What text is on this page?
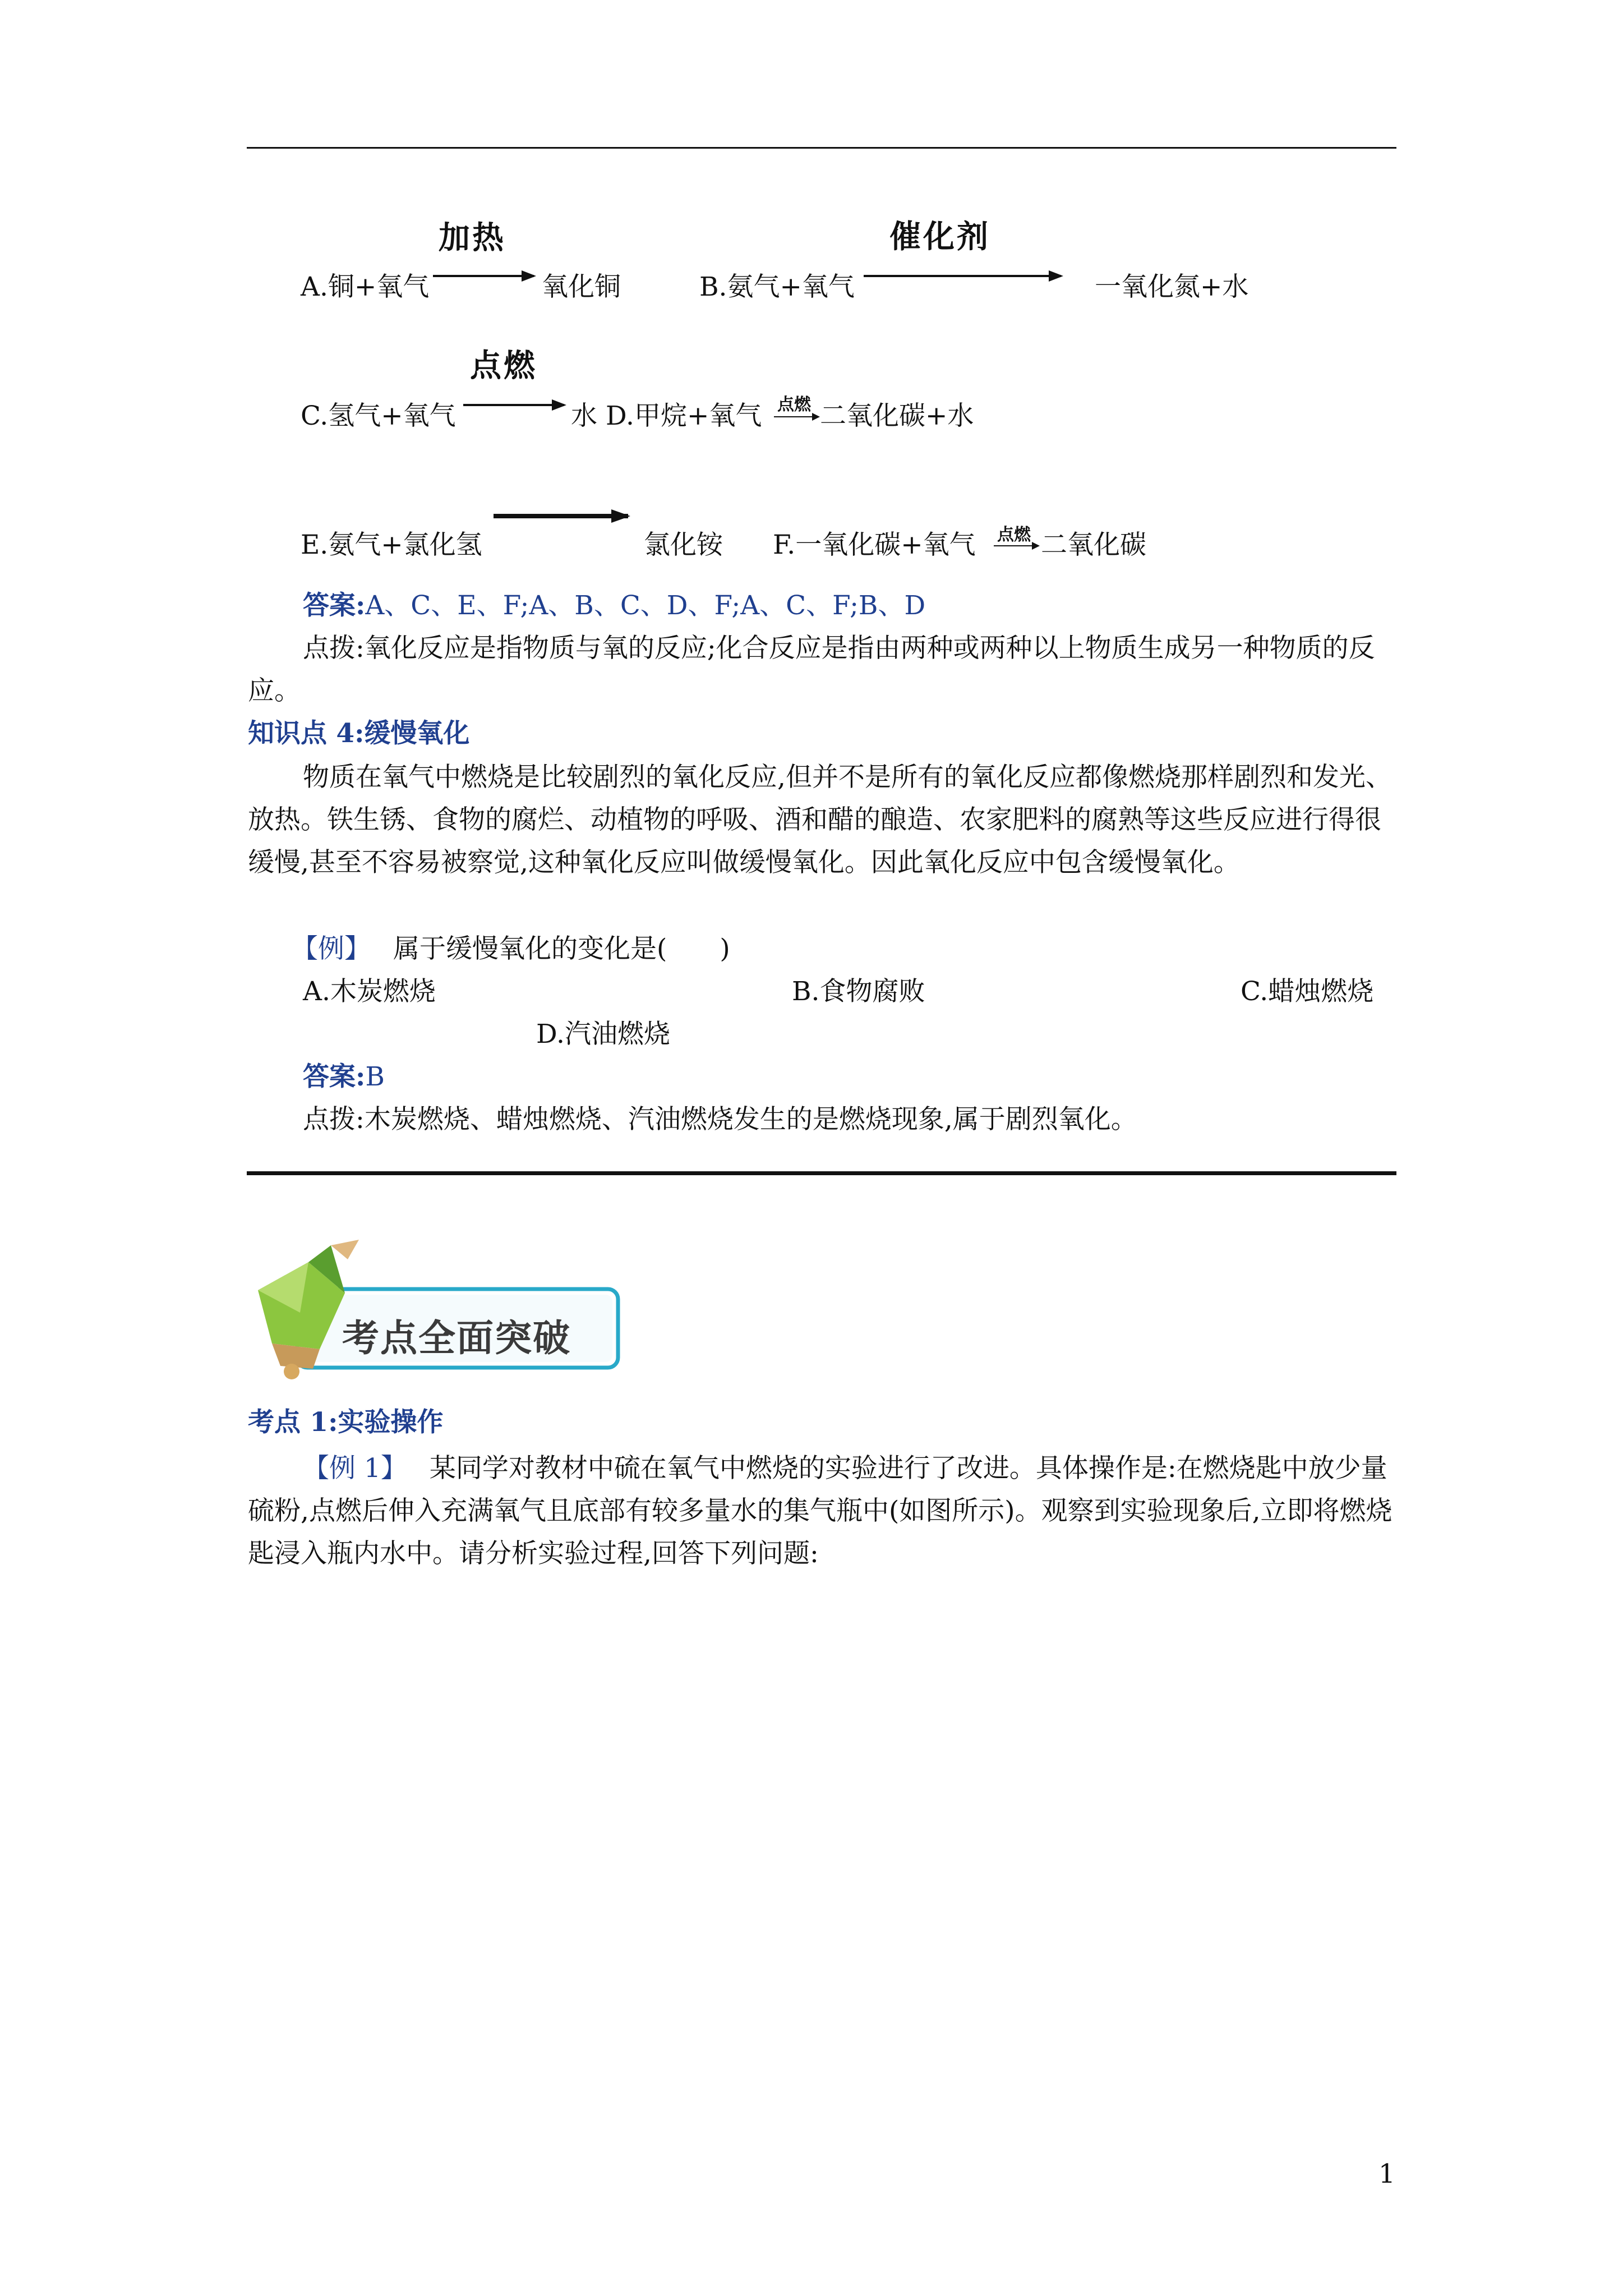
加热
A.铜+氧气	氧化铜
催化剂
B.氨气+氧气	一氧化氮+水
点燃
C.氢气+氧气	水 D.甲烷+氧气 点燃 二氧化碳+水
E.氨气+氯化氢	氯化铵 F.一氧化碳+氧气 点燃 二氧化碳
答案:A、C、E、F;A、B、C、D、F;A、C、F;B、D
点拨:氧化反应是指物质与氧的反应;化合反应是指由两种或两种以上物质生成另一种物质的反应。
知识点 4:缓慢氧化
物质在氧气中燃烧是比较剧烈的氧化反应,但并不是所有的氧化反应都像燃烧那样剧烈和发光、放热。铁生锈、食物的腐烂、动植物的呼吸、酒和醋的酿造、农家肥料的腐熟等这些反应进行得很缓慢,甚至不容易被察觉,这种氧化反应叫做缓慢氧化。因此氧化反应中包含缓慢氧化。
【例】 属于缓慢氧化的变化是(　　)
A.木炭燃烧	B.食物腐败	C.蜡烛燃烧
D.汽油燃烧
答案:B
点拨:木炭燃烧、蜡烛燃烧、汽油燃烧发生的是燃烧现象,属于剧烈氧化。
考点全面突破
考点 1:实验操作
【例 1】 某同学对教材中硫在氧气中燃烧的实验进行了改进。具体操作是:在燃烧匙中放少量硫粉,点燃后伸入充满氧气且底部有较多量水的集气瓶中(如图所示)。观察到实验现象后,立即将燃烧匙浸入瓶内水中。请分析实验过程,回答下列问题:
1
